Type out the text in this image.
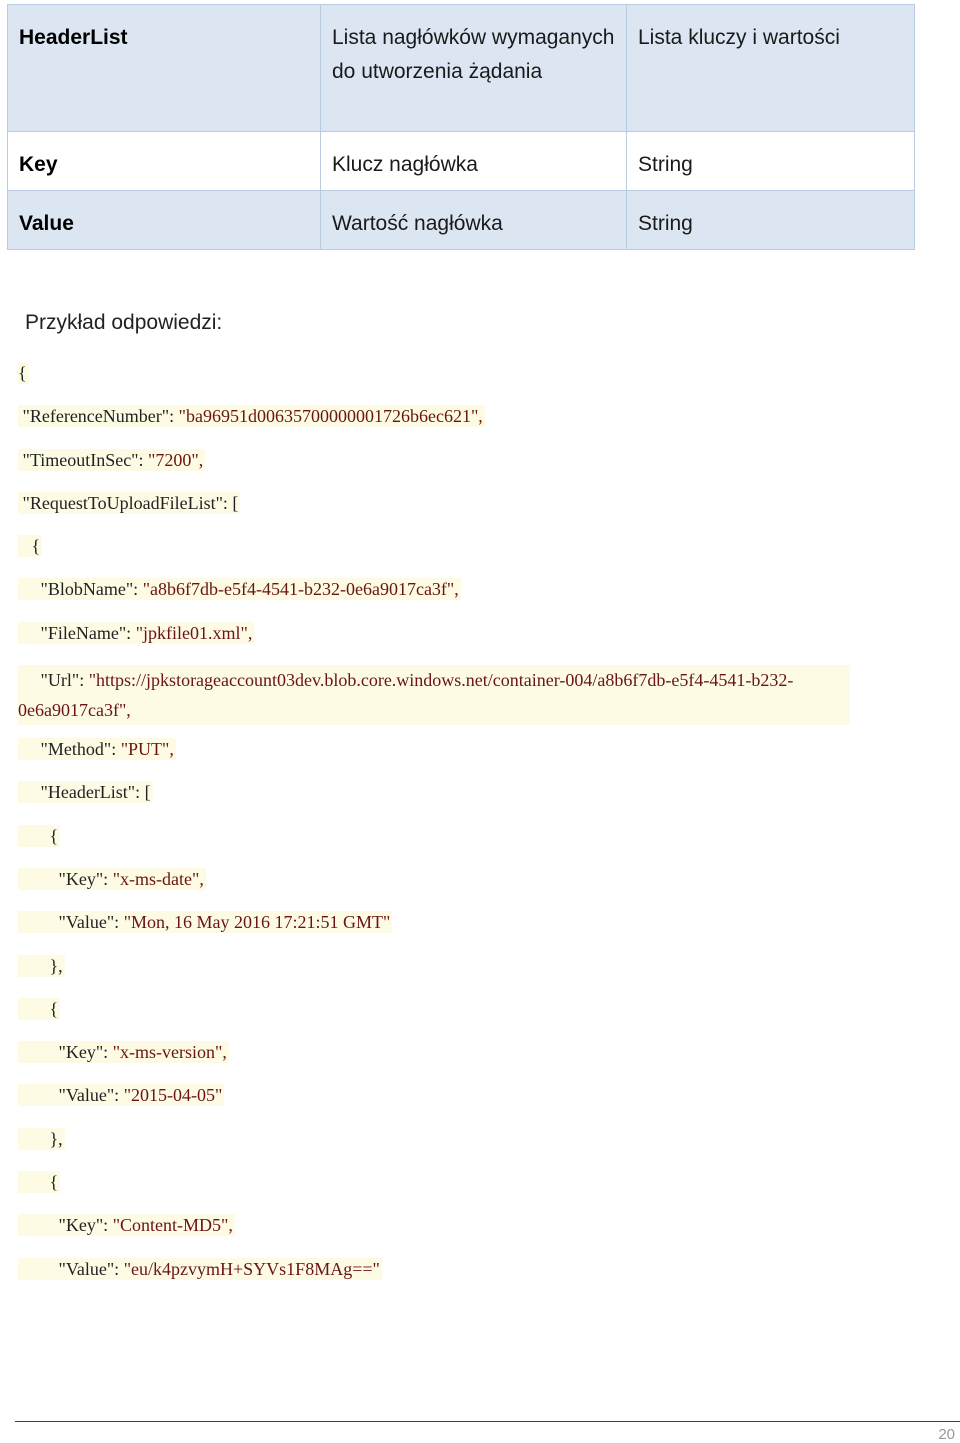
HeaderList	Lista nagłówków wymaganych do utworzenia żądania	Lista kluczy i wartości
Key	Klucz nagłówka	String
Value	Wartość nagłówka	String
Przykład odpowiedzi:
{
"ReferenceNumber": "ba96951d00635700000001726b6ec621",
"TimeoutInSec": "7200",
"RequestToUploadFileList": [
{
"BlobName": "a8b6f7db-e5f4-4541-b232-0e6a9017ca3f",
"FileName": "jpkfile01.xml",
"Url": "https://jpkstorageaccount03dev.blob.core.windows.net/container-004/a8b6f7db-e5f4-4541-b232-0e6a9017ca3f",
"Method": "PUT",
"HeaderList": [
{
"Key": "x-ms-date",
"Value": "Mon, 16 May 2016 17:21:51 GMT"
},
{
"Key": "x-ms-version",
"Value": "2015-04-05"
},
{
"Key": "Content-MD5",
"Value": "eu/k4pzvymH+SYVs1F8MAg=="
20
